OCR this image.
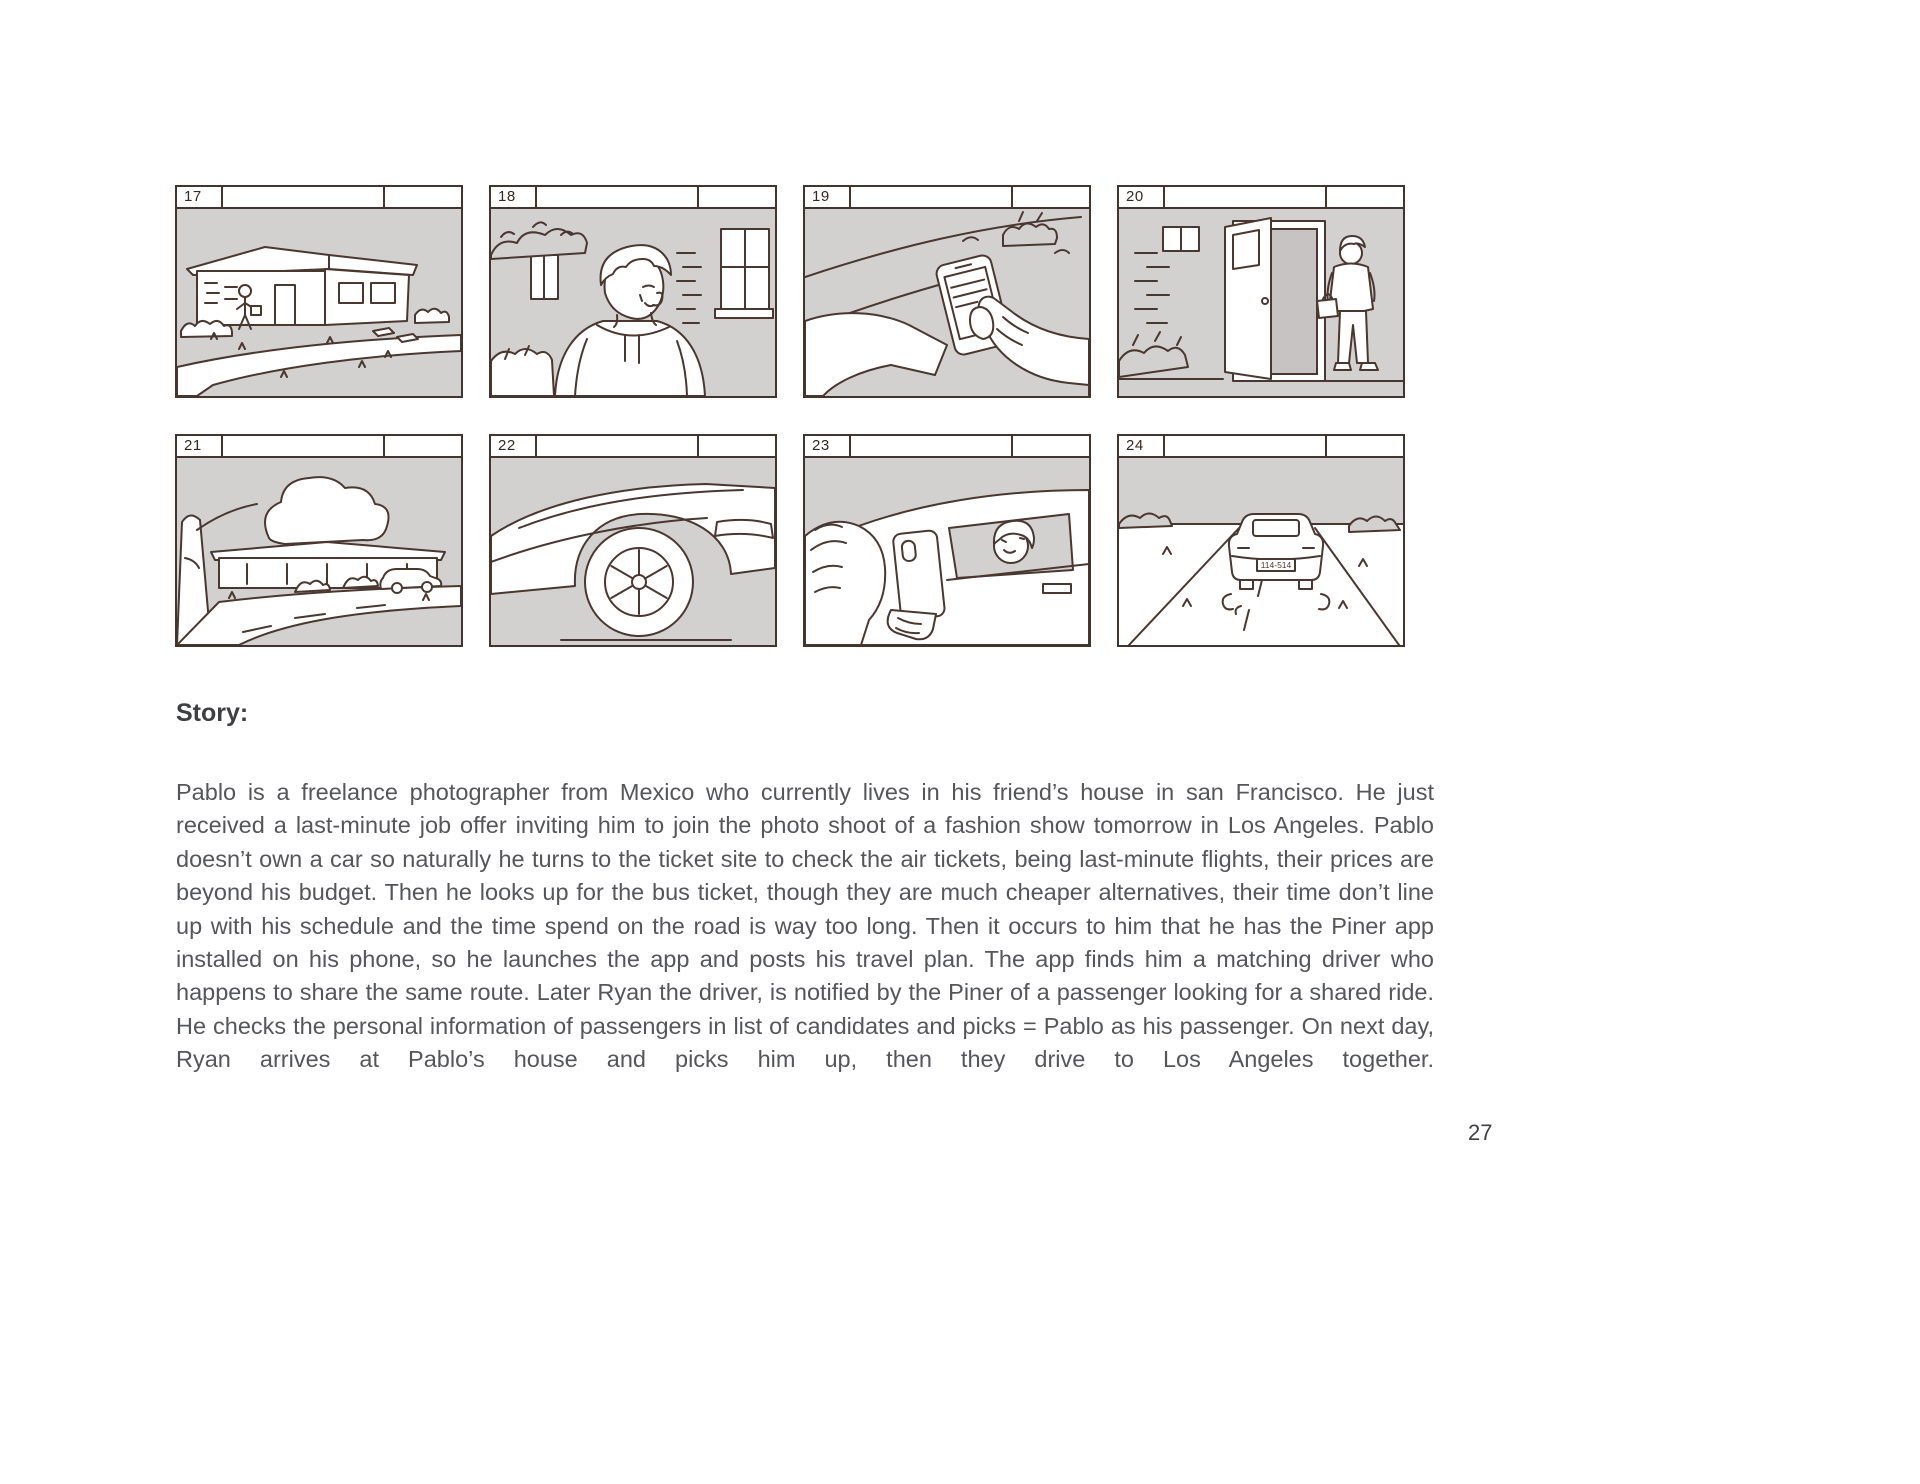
17	18	19	20
21	22	23	24
114-514
Story:

Pablo is a freelance photographer from Mexico who currently lives in his friend’s house in san Francisco. He just received a last-minute job offer inviting him to join the photo shoot of a fashion show tomorrow in Los Angeles. Pablo doesn’t own a car so naturally he turns to the ticket site to check the air tickets, being last-minute flights, their prices are beyond his budget. Then he looks up for the bus ticket, though they are much cheaper alternatives, their time don’t line up with his schedule and the time spend on the road is way too long. Then it occurs to him that he has the Piner app installed on his phone, so he launches the app and posts his travel plan. The app finds him a matching driver who happens to share the same route. Later Ryan the driver, is notified by the Piner of a passenger looking for a shared ride. He checks the personal information of passengers in list of candidates and picks = Pablo as his passenger. On next day, Ryan arrives at Pablo’s house and picks him up, then they drive to Los Angeles together.

27
